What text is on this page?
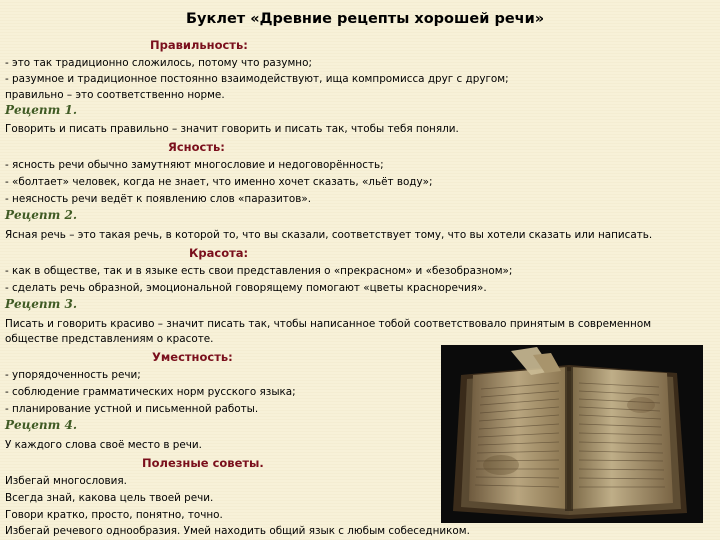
Буклет «Древние рецепты хорошей речи»
Правильность:
- это так традиционно сложилось, потому что разумно;
- разумное и традиционное постоянно взаимодействуют, ища компромисса друг с другом;
правильно – это соответственно норме.
Рецепт 1.
Говорить и писать правильно – значит говорить и писать так, чтобы тебя поняли.
Ясность:
- ясность речи обычно замутняют многословие и недоговорённость;
- «болтает» человек, когда не знает, что именно хочет сказать, «льёт воду»;
- неясность речи ведёт к появлению слов «паразитов».
Рецепт 2.
Ясная речь – это такая речь, в которой то, что вы сказали, соответствует тому, что вы хотели сказать или написать.
Красота:
- как в обществе, так и в языке есть свои представления о «прекрасном» и «безобразном»;
- сделать речь образной, эмоциональной говорящему помогают «цветы красноречия».
Рецепт 3.
Писать и говорить красиво – значит писать так, чтобы написанное тобой соответствовало принятым в современном
обществе представлениям о красоте.
Уместность:
- упорядоченность речи;
- соблюдение грамматических норм русского языка;
- планирование устной и письменной работы.
Рецепт 4.
У каждого слова своё место в речи.
Полезные советы.
Избегай многословия.
Всегда знай, какова цель твоей речи.
Говори кратко, просто, понятно, точно.
Избегай речевого однообразия. Умей находить общий язык с любым собеседником.
